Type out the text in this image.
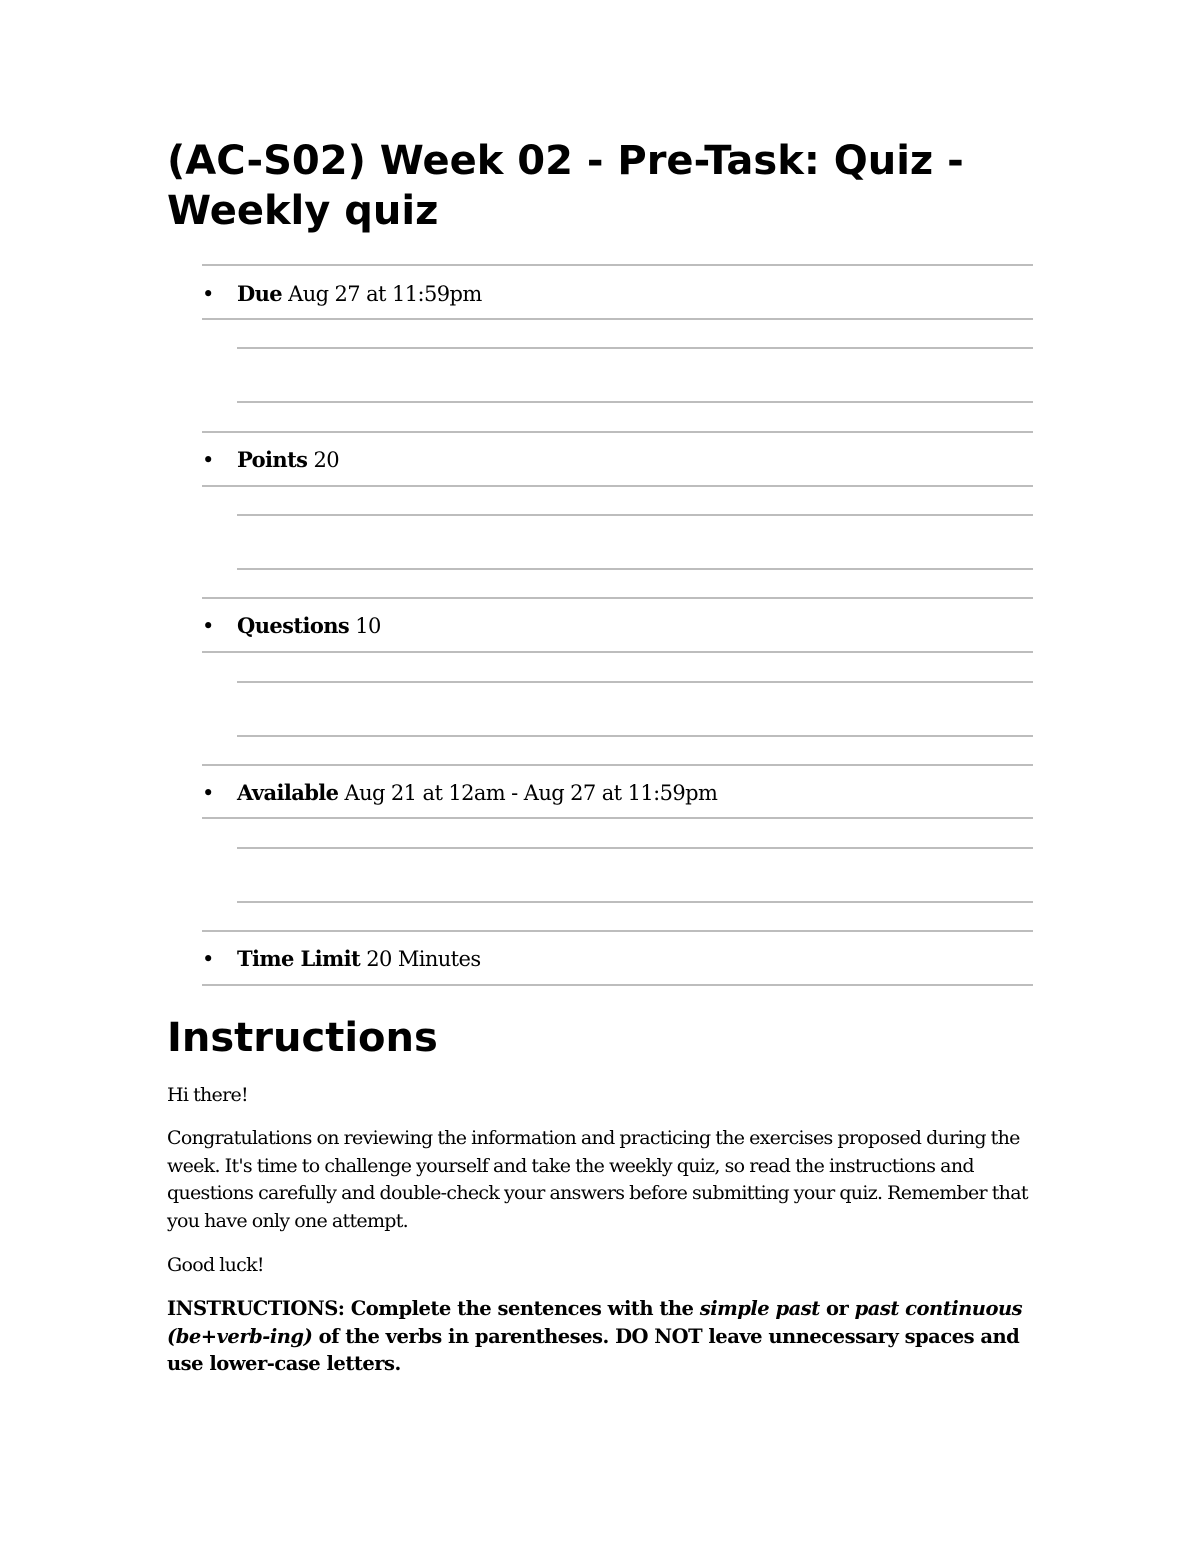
(AC-S02) Week 02 - Pre-Task: Quiz - Weekly quiz
• Due Aug 27 at 11:59pm
• Points 20
• Questions 10
• Available Aug 21 at 12am - Aug 27 at 11:59pm
• Time Limit 20 Minutes
Instructions

Hi there!

Congratulations on reviewing the information and practicing the exercises proposed during the week. It's time to challenge yourself and take the weekly quiz, so read the instructions and questions carefully and double-check your answers before submitting your quiz. Remember that you have only one attempt.

Good luck!

INSTRUCTIONS: Complete the sentences with the simple past or past continuous (be+verb-ing) of the verbs in parentheses. DO NOT leave unnecessary spaces and use lower-case letters.
